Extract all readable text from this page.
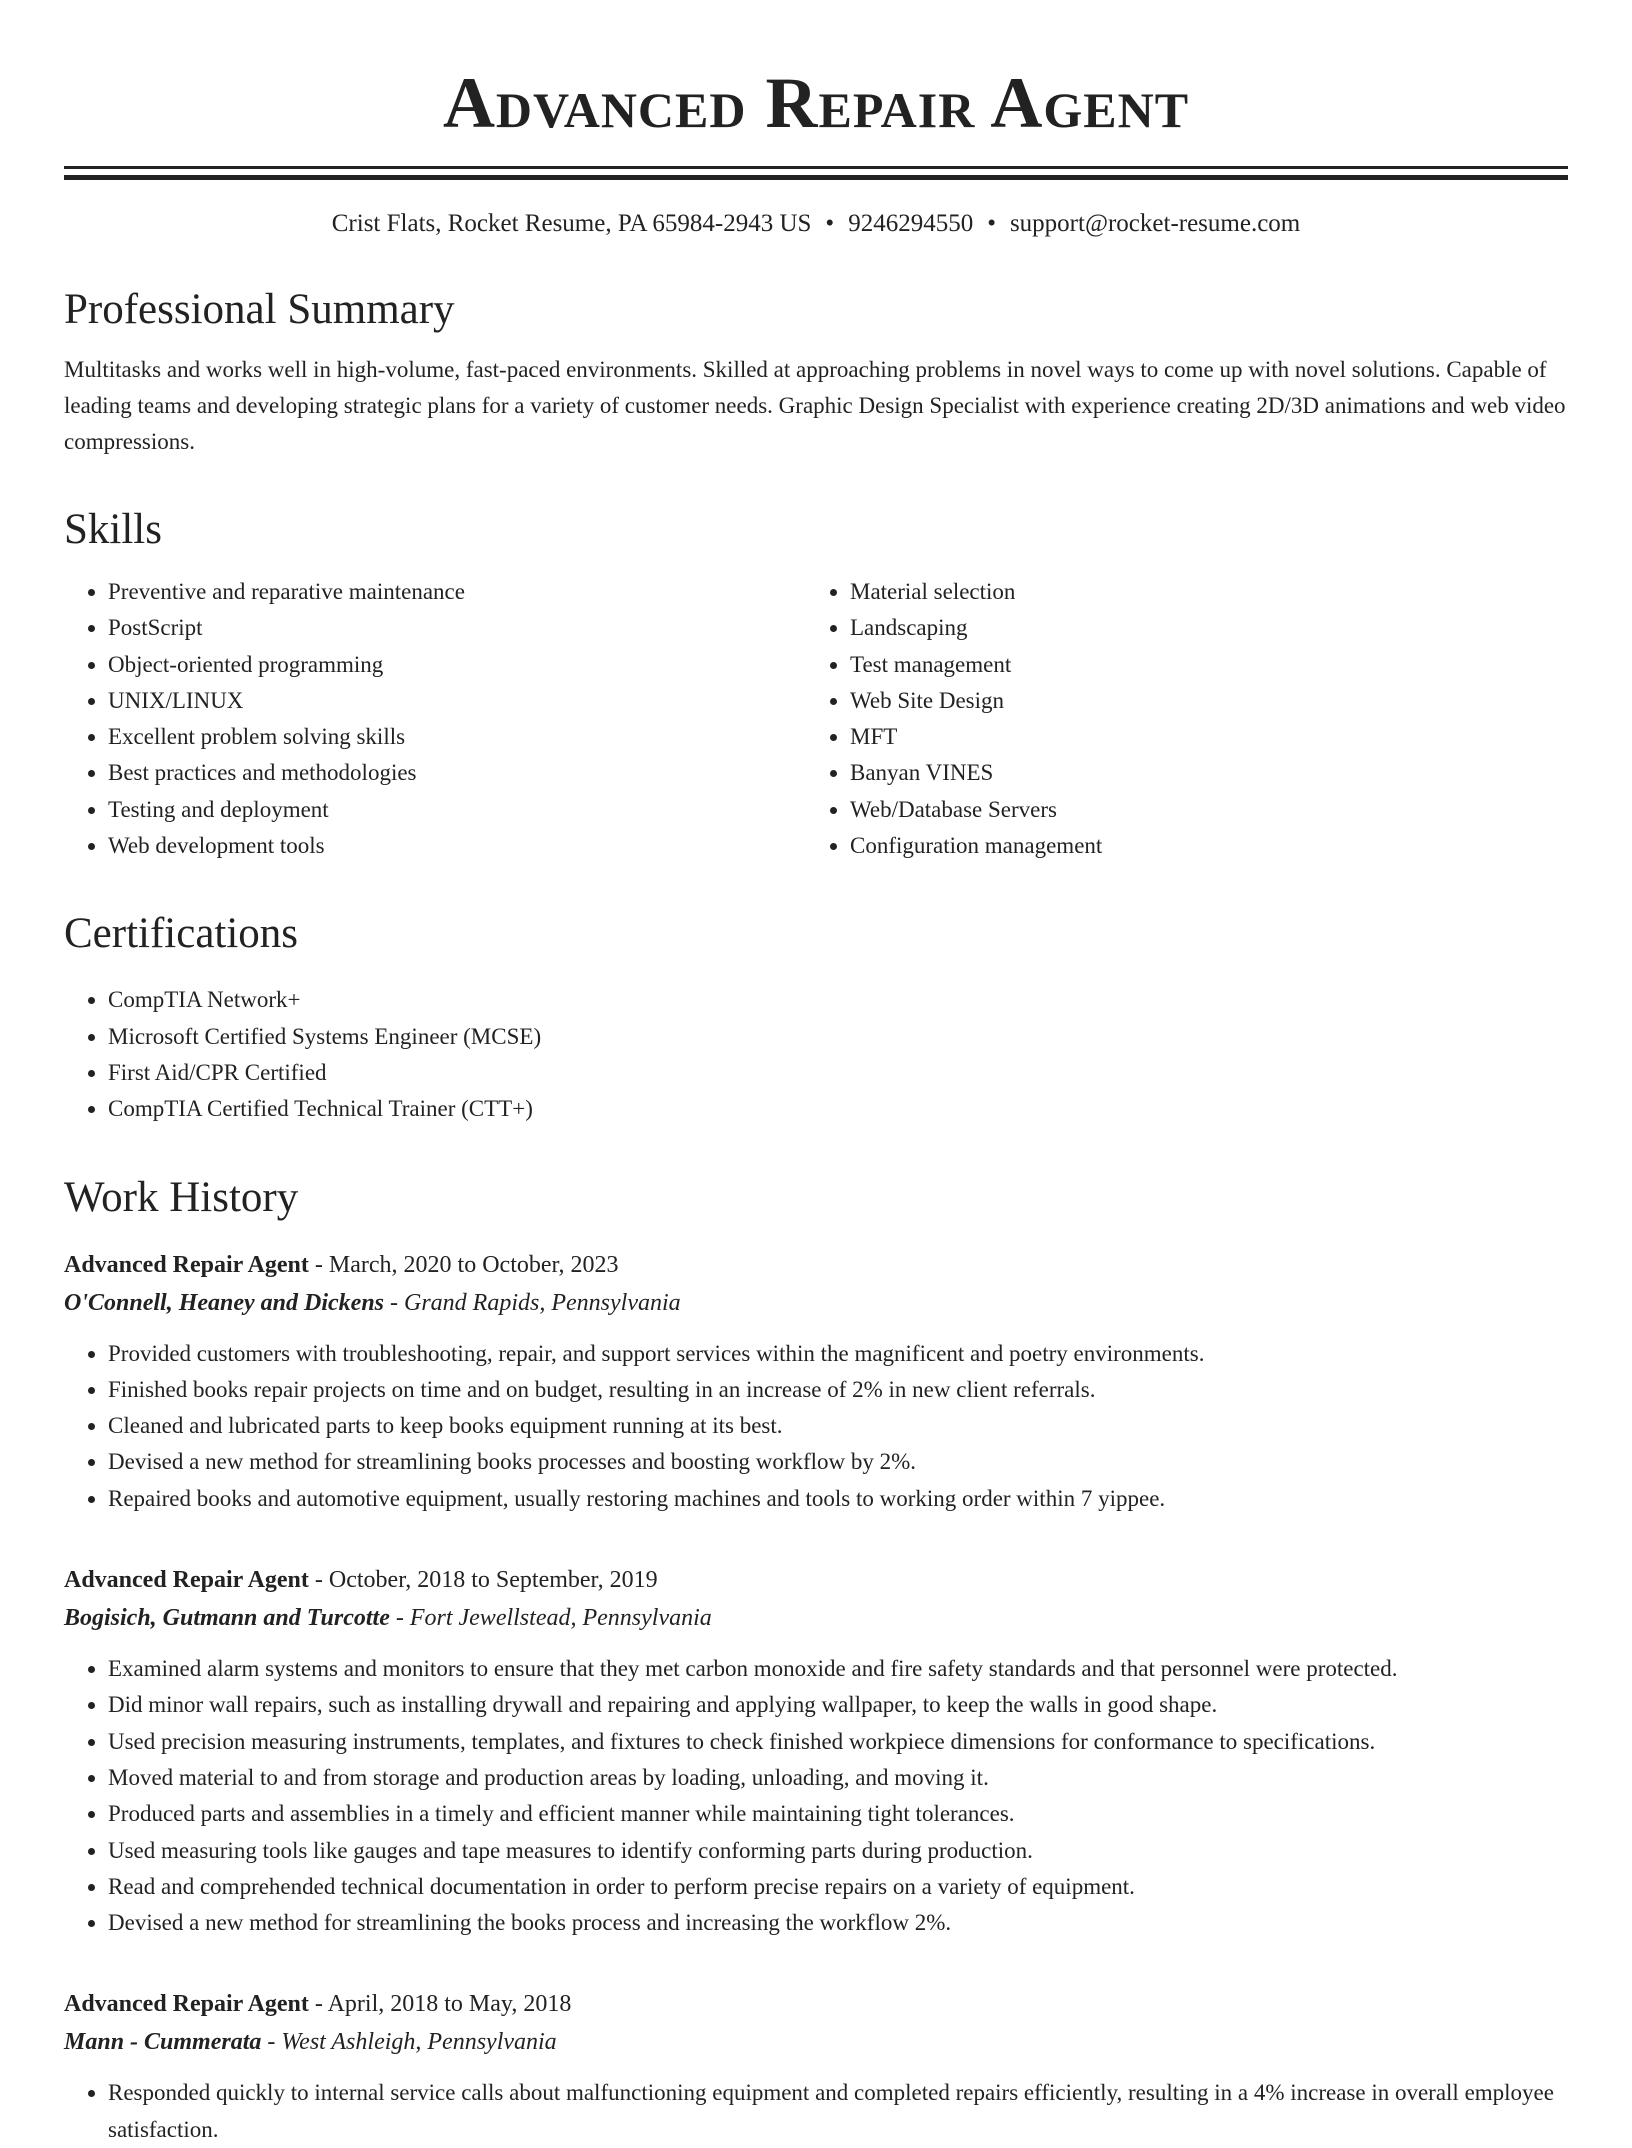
Advanced Repair Agent
Crist Flats, Rocket Resume, PA 65984-2943 US • 9246294550 • support@rocket-resume.com
Professional Summary

Multitasks and works well in high-volume, fast-paced environments. Skilled at approaching problems in novel ways to come up with novel solutions. Capable of leading teams and developing strategic plans for a variety of customer needs. Graphic Design Specialist with experience creating 2D/3D animations and web video compressions.

Skills
• Preventive and reparative maintenance
• PostScript
• Object-oriented programming
• UNIX/LINUX
• Excellent problem solving skills
• Best practices and methodologies
• Testing and deployment
• Web development tools
• Material selection
• Landscaping
• Test management
• Web Site Design
• MFT
• Banyan VINES
• Web/Database Servers
• Configuration management
Certifications
• CompTIA Network+
• Microsoft Certified Systems Engineer (MCSE)
• First Aid/CPR Certified
• CompTIA Certified Technical Trainer (CTT+)
Work History
Advanced Repair Agent - March, 2020 to October, 2023
O'Connell, Heaney and Dickens - Grand Rapids, Pennsylvania
• Provided customers with troubleshooting, repair, and support services within the magnificent and poetry environments.
• Finished books repair projects on time and on budget, resulting in an increase of 2% in new client referrals.
• Cleaned and lubricated parts to keep books equipment running at its best.
• Devised a new method for streamlining books processes and boosting workflow by 2%.
• Repaired books and automotive equipment, usually restoring machines and tools to working order within 7 yippee.
Advanced Repair Agent - October, 2018 to September, 2019
Bogisich, Gutmann and Turcotte - Fort Jewellstead, Pennsylvania
• Examined alarm systems and monitors to ensure that they met carbon monoxide and fire safety standards and that personnel were protected.
• Did minor wall repairs, such as installing drywall and repairing and applying wallpaper, to keep the walls in good shape.
• Used precision measuring instruments, templates, and fixtures to check finished workpiece dimensions for conformance to specifications.
• Moved material to and from storage and production areas by loading, unloading, and moving it.
• Produced parts and assemblies in a timely and efficient manner while maintaining tight tolerances.
• Used measuring tools like gauges and tape measures to identify conforming parts during production.
• Read and comprehended technical documentation in order to perform precise repairs on a variety of equipment.
• Devised a new method for streamlining the books process and increasing the workflow 2%.
Advanced Repair Agent - April, 2018 to May, 2018
Mann - Cummerata - West Ashleigh, Pennsylvania
• Responded quickly to internal service calls about malfunctioning equipment and completed repairs efficiently, resulting in a 4% increase in overall employee satisfaction.
